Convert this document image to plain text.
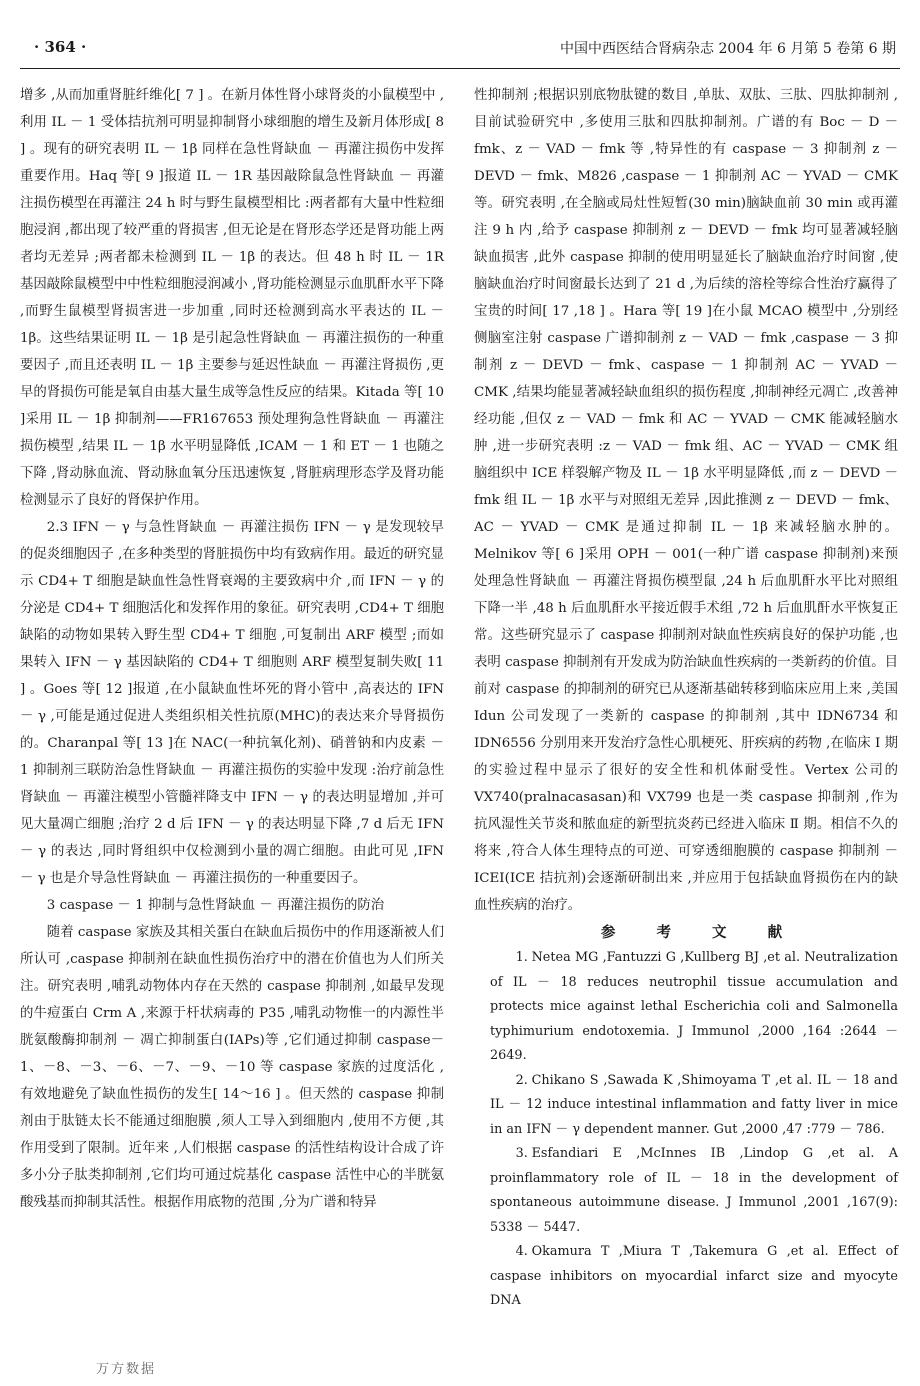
· 364 ·	中国中西医结合肾病杂志 2004 年 6 月第 5 卷第 6 期

增多 ,从而加重肾脏纤维化[ 7 ] 。在新月体性肾小球肾炎的小鼠模型中 ,利用 IL － 1 受体拮抗剂可明显抑制肾小球细胞的增生及新月体形成[ 8 ] 。现有的研究表明 IL － 1β 同样在急性肾缺血 － 再灌注损伤中发挥重要作用。Haq 等[ 9 ]报道 IL － 1R 基因敲除鼠急性肾缺血 － 再灌注损伤模型在再灌注 24 h 时与野生鼠模型相比 :两者都有大量中性粒细胞浸润 ,都出现了较严重的肾损害 ,但无论是在肾形态学还是肾功能上两者均无差异 ;两者都未检测到 IL － 1β 的表达。但 48 h 时 IL － 1R 基因敲除鼠模型中中性粒细胞浸润减小 ,肾功能检测显示血肌酐水平下降 ,而野生鼠模型肾损害进一步加重 ,同时还检测到高水平表达的 IL － 1β。这些结果证明 IL － 1β 是引起急性肾缺血 － 再灌注损伤的一种重要因子 ,而且还表明 IL － 1β 主要参与延迟性缺血 － 再灌注肾损伤 ,更早的肾损伤可能是氧自由基大量生成等急性反应的结果。Kitada 等[ 10 ]采用 IL － 1β 抑制剂——FR167653 预处理狗急性肾缺血 － 再灌注损伤模型 ,结果 IL － 1β 水平明显降低 ,ICAM － 1 和 ET － 1 也随之下降 ,肾动脉血流、肾动脉血氧分压迅速恢复 ,肾脏病理形态学及肾功能检测显示了良好的肾保护作用。

2.3 IFN － γ 与急性肾缺血 － 再灌注损伤 IFN － γ 是发现较早的促炎细胞因子 ,在多种类型的肾脏损伤中均有致病作用。最近的研究显示 CD4+ T 细胞是缺血性急性肾衰竭的主要致病中介 ,而 IFN － γ 的分泌是 CD4+ T 细胞活化和发挥作用的象征。研究表明 ,CD4+ T 细胞缺陷的动物如果转入野生型 CD4+ T 细胞 ,可复制出 ARF 模型 ;而如果转入 IFN － γ 基因缺陷的 CD4+ T 细胞则 ARF 模型复制失败[ 11 ] 。Goes 等[ 12 ]报道 ,在小鼠缺血性坏死的肾小管中 ,高表达的 IFN － γ ,可能是通过促进人类组织相关性抗原(MHC)的表达来介导肾损伤的。Charanpal 等[ 13 ]在 NAC(一种抗氧化剂)、硝普钠和内皮素 － 1 抑制剂三联防治急性肾缺血 － 再灌注损伤的实验中发现 :治疗前急性肾缺血 － 再灌注模型小管髓袢降支中 IFN － γ 的表达明显增加 ,并可见大量凋亡细胞 ;治疗 2 d 后 IFN － γ 的表达明显下降 ,7 d 后无 IFN － γ 的表达 ,同时肾组织中仅检测到小量的凋亡细胞。由此可见 ,IFN － γ 也是介导急性肾缺血 － 再灌注损伤的一种重要因子。

3 caspase － 1 抑制与急性肾缺血 － 再灌注损伤的防治

随着 caspase 家族及其相关蛋白在缺血后损伤中的作用逐渐被人们所认可 ,caspase 抑制剂在缺血性损伤治疗中的潜在价值也为人们所关注。研究表明 ,哺乳动物体内存在天然的 caspase 抑制剂 ,如最早发现的牛痘蛋白 Crm A ,来源于杆状病毒的 P35 ,哺乳动物惟一的内源性半胱氨酸酶抑制剂 － 凋亡抑制蛋白(IAPs)等 ,它们通过抑制 caspase－1、－8、－3、－6、－7、－9、－10 等 caspase 家族的过度活化 ,有效地避免了缺血性损伤的发生[ 14～16 ] 。但天然的 caspase 抑制剂由于肽链太长不能通过细胞膜 ,须人工导入到细胞内 ,使用不方便 ,其作用受到了限制。近年来 ,人们根据 caspase 的活性结构设计合成了许多小分子肽类抑制剂 ,它们均可通过烷基化 caspase 活性中心的半胱氨酸残基而抑制其活性。根据作用底物的范围 ,分为广谱和特异

性抑制剂 ;根据识别底物肽键的数目 ,单肽、双肽、三肽、四肽抑制剂 ,目前试验研究中 ,多使用三肽和四肽抑制剂。广谱的有 Boc － D － fmk、z － VAD － fmk 等 ,特异性的有 caspase － 3 抑制剂 z － DEVD － fmk、M826 ,caspase － 1 抑制剂 AC － YVAD － CMK 等。研究表明 ,在全脑或局灶性短暂(30 min)脑缺血前 30 min 或再灌注 9 h 内 ,给予 caspase 抑制剂 z － DEVD － fmk 均可显著减轻脑缺血损害 ,此外 caspase 抑制的使用明显延长了脑缺血治疗时间窗 ,使脑缺血治疗时间窗最长达到了 21 d ,为后续的溶栓等综合性治疗赢得了宝贵的时间[ 17 ,18 ] 。Hara 等[ 19 ]在小鼠 MCAO 模型中 ,分别经侧脑室注射 caspase 广谱抑制剂 z － VAD － fmk ,caspase － 3 抑制剂 z － DEVD － fmk、caspase － 1 抑制剂 AC － YVAD － CMK ,结果均能显著减轻缺血组织的损伤程度 ,抑制神经元凋亡 ,改善神经功能 ,但仅 z － VAD － fmk 和 AC － YVAD － CMK 能减轻脑水肿 ,进一步研究表明 :z － VAD － fmk 组、AC － YVAD － CMK 组脑组织中 ICE 样裂解产物及 IL － 1β 水平明显降低 ,而 z － DEVD － fmk 组 IL － 1β 水平与对照组无差异 ,因此推测 z － DEVD － fmk、AC － YVAD － CMK 是通过抑制 IL － 1β 来减轻脑水肿的。Melnikov 等[ 6 ]采用 OPH － 001(一种广谱 caspase 抑制剂)来预处理急性肾缺血 － 再灌注肾损伤模型鼠 ,24 h 后血肌酐水平比对照组下降一半 ,48 h 后血肌酐水平接近假手术组 ,72 h 后血肌酐水平恢复正常。这些研究显示了 caspase 抑制剂对缺血性疾病良好的保护功能 ,也表明 caspase 抑制剂有开发成为防治缺血性疾病的一类新药的价值。目前对 caspase 的抑制剂的研究已从逐渐基础转移到临床应用上来 ,美国 Idun 公司发现了一类新的 caspase 的抑制剂 ,其中 IDN6734 和 IDN6556 分别用来开发治疗急性心肌梗死、肝疾病的药物 ,在临床 Ⅰ 期的实验过程中显示了很好的安全性和机体耐受性。Vertex 公司的 VX740(pralnacasasan)和 VX799 也是一类 caspase 抑制剂 ,作为抗风湿性关节炎和脓血症的新型抗炎药已经进入临床 Ⅱ 期。相信不久的将来 ,符合人体生理特点的可逆、可穿透细胞膜的 caspase 抑制剂 － ICEI(ICE 拮抗剂)会逐渐研制出来 ,并应用于包括缺血肾损伤在内的缺血性疾病的治疗。

参 考 文 献

1. Netea MG ,Fantuzzi G ,Kullberg BJ ,et al. Neutralization of IL － 18 reduces neutrophil tissue accumulation and protects mice against lethal Escherichia coli and Salmonella typhimurium endotoxemia. J Immunol ,2000 ,164 :2644 － 2649.

2. Chikano S ,Sawada K ,Shimoyama T ,et al. IL － 18 and IL － 12 induce intestinal inflammation and fatty liver in mice in an IFN － γ dependent manner. Gut ,2000 ,47 :779 － 786.

3. Esfandiari E ,McInnes IB ,Lindop G ,et al. A proinflammatory role of IL － 18 in the development of spontaneous autoimmune disease. J Immunol ,2001 ,167(9): 5338 － 5447.

4. Okamura T ,Miura T ,Takemura G ,et al. Effect of caspase inhibitors on myocardial infarct size and myocyte DNA

万方数据
